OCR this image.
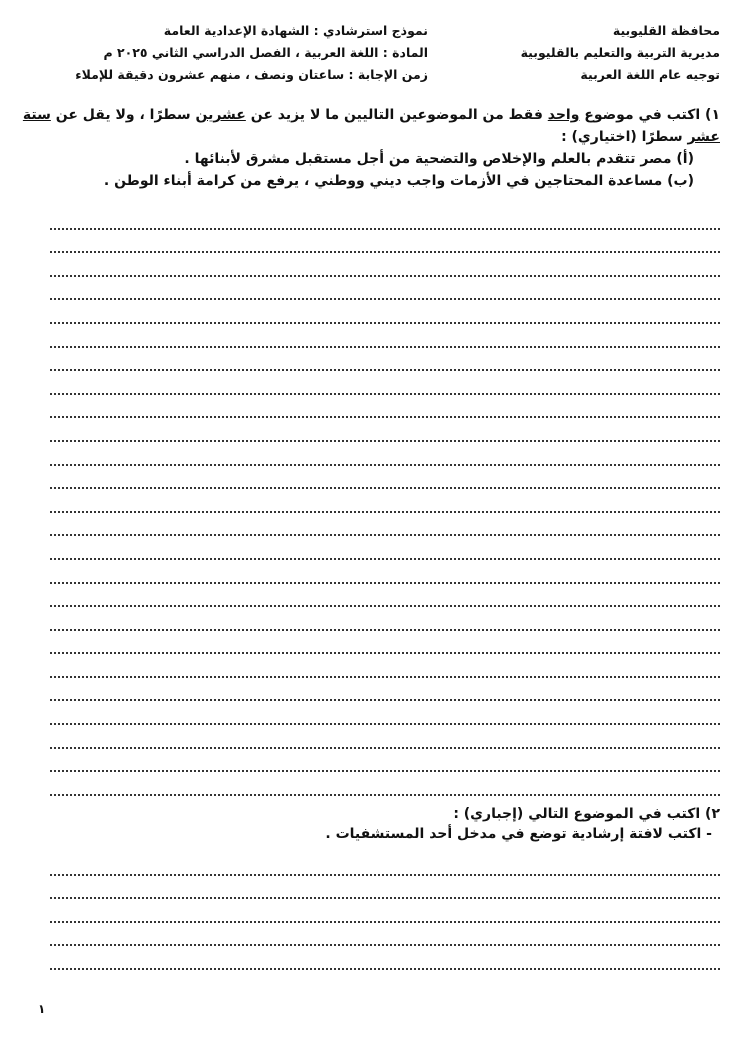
محافظة القليوبية
مديرية التربية والتعليم بالقليوبية
توجيه عام اللغة العربية
نموذج استرشادي : الشهادة الإعدادية العامة
المادة : اللغة العربية ، الفصل الدراسي الثاني ٢٠٢٥ م
زمن الإجابة : ساعتان ونصف ، منهم عشرون دقيقة للإملاء
١) اكتب في موضوع واحد فقط من الموضوعين التاليين ما لا يزيد عن عشرين سطرًا ، ولا يقل عن ستة
عشر سطرًا (اختياري) :
(أ) مصر تتقدم بالعلم والإخلاص والتضحية من أجل مستقبل مشرق لأبنائها .
(ب) مساعدة المحتاجين في الأزمات واجب ديني ووطني ، يرفع من كرامة أبناء الوطن .
٢) اكتب في الموضوع التالي (إجباري) :
- اكتب لافتة إرشادية توضع في مدخل أحد المستشفيات .
١
